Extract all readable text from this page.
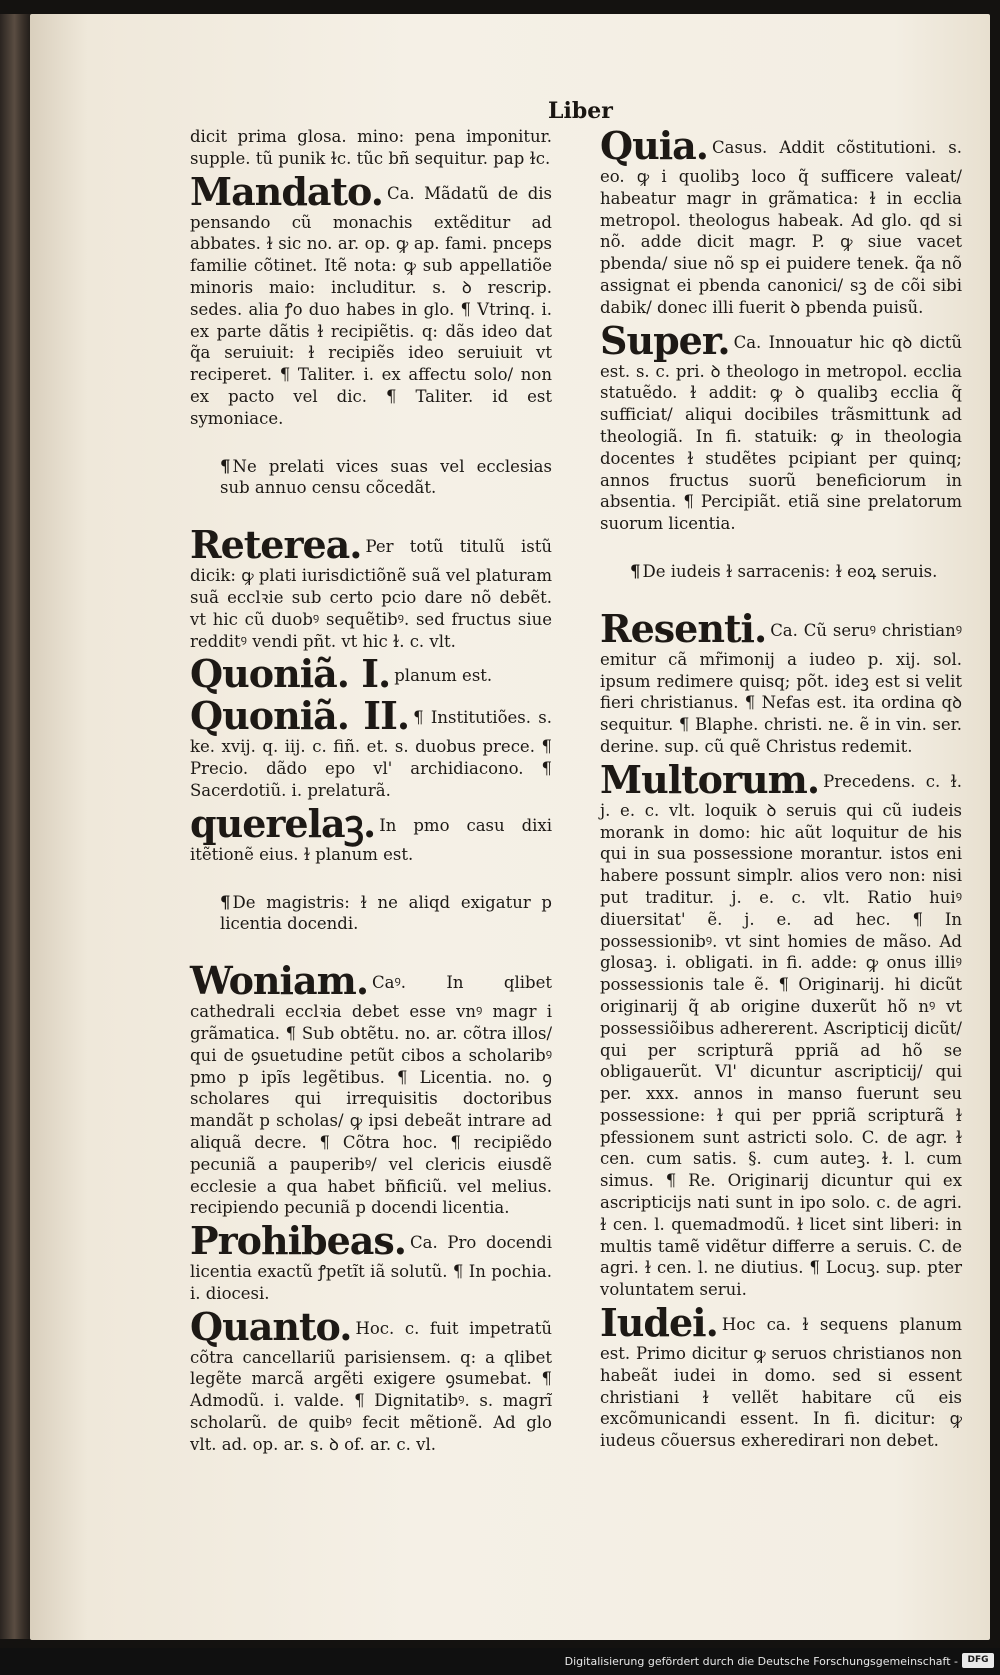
Liber
dicit prima glosa. mino: pena imponitur. supple. tũ punik ɫc. tũc bñ sequitur. pap ɫc.
Mandato. Ca. Mãdatũ de dis pensando cũ monachis extẽditur ad abbates. ɫ sic no. ar. op. ꝙ ap. fami. pnceps familie cõtinet. Itẽ nota: ꝙ sub appellatiõe minoris maio: includitur. s. ꝺ rescrip. sedes. alia ꝭo duo habes in glo. ¶ Vtrinq. i. ex parte dãtis ɫ recipiẽtis. q: dãs ideo dat q̃a seruiuit: ɫ recipiẽs ideo seruiuit vt reciperet. ¶ Taliter. i. ex affectu solo/ non ex pacto vel dic. ¶ Taliter. id est symoniace.
¶ Ne prelati vices suas vel ecclesias sub annuo censu cõcedãt.
Reterea. Per totũ titulũ istũ dicik: ꝙ plati iurisdictiõnẽ suã vel platuram suã ecclꝛie sub certo pcio dare nõ debẽt. vt hic cũ duobꝰ sequẽtibꝰ. sed fructus siue redditꝰ vendi pñt. vt hic ɫ. c. vlt.
Quoniã. I. planum est.
Quoniã. II. ¶ Institutiões. s. ke. xvij. q. iij. c. fiñ. et. s. duobus prece. ¶ Precio. dãdo epo vl' archidiacono. ¶ Sacerdotiũ. i. prelaturã.
querelaꝫ. In pmo casu dixi itẽtionẽ eius. ɫ planum est.
¶ De magistris: ɫ ne aliqd exigatur p licentia docendi.
Woniam. Caꝰ. In qlibet cathedrali ecclꝛia debet esse vnꝰ magr i grãmatica. ¶ Sub obtẽtu. no. ar. cõtra illos/ qui de ꝯsuetudine petũt cibos a scholaribꝰ pmo p ipĩs legẽtibus. ¶ Licentia. no. ꝯ scholares qui irrequisitis doctoribus mandãt p scholas/ ꝙ ipsi debeãt intrare ad aliquã decre. ¶ Cõtra hoc. ¶ recipiẽdo pecuniã a pauperibꝰ/ vel clericis eiusdẽ ecclesie a qua habet bñficiũ. vel melius. recipiendo pecuniã p docendi licentia.
Prohibeas. Ca. Pro docendi licentia exactũ ꝭpetĩt iã solutũ. ¶ In pochia. i. diocesi.
Quanto. Hoc. c. fuit impetratũ cõtra cancellariũ parisiensem. q: a qlibet legẽte marcã argẽti exigere ꝯsumebat. ¶ Admodũ. i. valde. ¶ Dignitatibꝰ. s. magrĩ scholarũ. de quibꝰ fecit mẽtionẽ. Ad glo vlt. ad. op. ar. s. ꝺ of. ar. c. vl.
Quia. Casus. Addit cõstitutioni. s. eo. ꝙ i quolibꝫ loco q̃ sufficere valeat/ habeatur magr in grãmatica: ɫ in ecclia metropol. theologus habeak. Ad glo. qd si nõ. adde dicit magr. P. ꝙ siue vacet pbenda/ siue nõ sp ei puidere tenek. q̃a nõ assignat ei pbenda canonici/ sꝫ de cõi sibi dabik/ donec illi fuerit ꝺ pbenda puisũ.
Super. Ca. Innouatur hic qꝺ dictũ est. s. c. pri. ꝺ theologo in metropol. ecclia statuẽdo. ɫ addit: ꝙ ꝺ qualibꝫ ecclia q̃ sufficiat/ aliqui docibiles trãsmittunk ad theologiã. In fi. statuik: ꝙ in theologia docentes ɫ studẽtes pcipiant per quinq; annos fructus suorũ beneficiorum in absentia. ¶ Percipiãt. etiã sine prelatorum suorum licentia.
¶ De iudeis ɫ sarracenis: ɫ eoꝝ seruis.
Resenti. Ca. Cũ seruꝰ christianꝰ emitur cã mr̃imonij a iudeo p. xij. sol. ipsum redimere quisq; põt. ideꝫ est si velit fieri christianus. ¶ Nefas est. ita ordina qꝺ sequitur. ¶ Blaphe. christi. ne. ẽ in vin. ser. derine. sup. cũ quẽ Christus redemit.
Multorum. Precedens. c. ɫ. j. e. c. vlt. loquik ꝺ seruis qui cũ iudeis morank in domo: hic aũt loquitur de his qui in sua possessione morantur. istos eni habere possunt simplr. alios vero non: nisi put traditur. j. e. c. vlt. Ratio huiꝰ diuersitat' ẽ. j. e. ad hec. ¶ In possessionibꝰ. vt sint homies de mãso. Ad glosaꝫ. i. obligati. in fi. adde: ꝙ onus illiꝰ possessionis tale ẽ. ¶ Originarij. hi dicũt originarij q̃ ab origine duxerũt hõ nꝰ vt possessiõibus adhererent. Ascripticij dicũt/ qui per scripturã ppriã ad hõ se obligauerũt. Vl' dicuntur ascripticij/ qui per. xxx. annos in manso fuerunt seu possessione: ɫ qui per ppriã scripturã ɫ pfessionem sunt astricti solo. C. de agr. ɫ cen. cum satis. §. cum auteꝫ. ɫ. l. cum simus. ¶ Re. Originarij dicuntur qui ex ascripticijs nati sunt in ipo solo. c. de agri. ɫ cen. l. quemadmodũ. ɫ licet sint liberi: in multis tamẽ vidẽtur differre a seruis. C. de agri. ɫ cen. l. ne diutius. ¶ Locuꝫ. sup. pter voluntatem serui.
Iudei. Hoc ca. ɫ sequens planum est. Primo dicitur ꝙ seruos christianos non habeãt iudei in domo. sed si essent christiani ɫ vellẽt habitare cũ eis excõmunicandi essent. In fi. dicitur: ꝙ iudeus cõuersus exheredirari non debet.
Digitalisierung gefördert durch die Deutsche Forschungsgemeinschaft -	DFG
